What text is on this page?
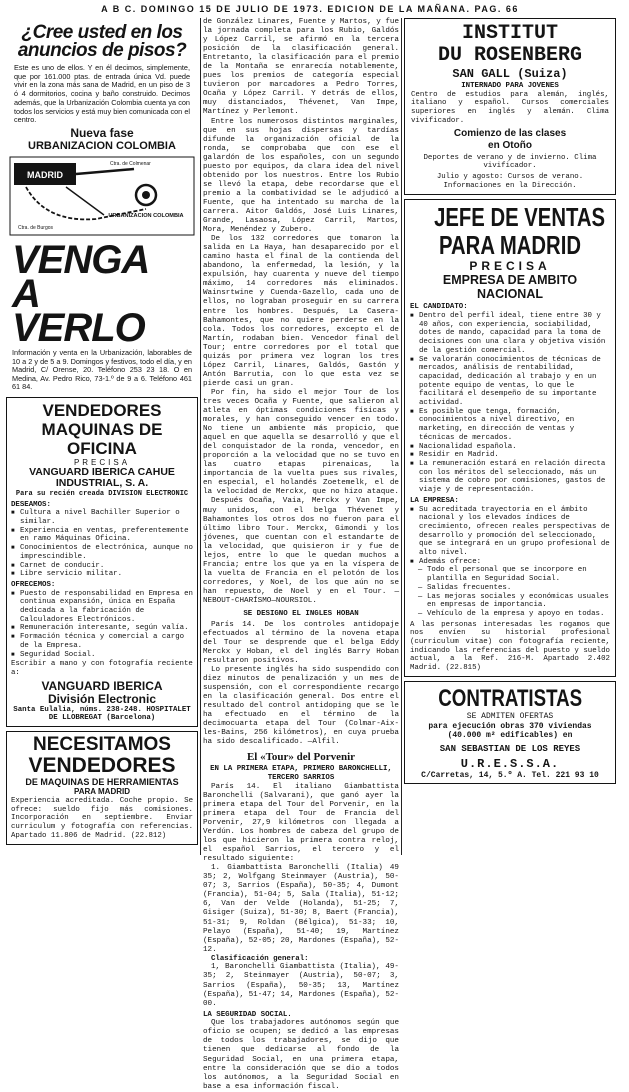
A B C. DOMINGO 15 DE JULIO DE 1973. EDICION DE LA MAÑANA. PAG. 66
¿Cree usted en los anuncios de pisos?

Este es uno de ellos. Y en él decimos, simplemente, que por 161.000 ptas. de entrada única Vd. puede vivir en la zona más sana de Madrid, en un piso de 3 ó 4 dormitorios, cocina y baño construido. Decimos además, que la Urbanización Colombia cuenta ya con todos los servicios y está muy bien comunicada con el centro.

Nueva fase
URBANIZACION COLOMBIA
MADRID
URBANIZACION COLOMBIA
Ctra. de Colmenar
Ctra. de Burgos
VENGA A VERLO

Información y venta en la Urbanización, laborables de 10 a 2 y de 5 a 9. Domingos y festivos, todo el día, y en Madrid, C/ Orense, 20. Teléfono 253 23 18. O en Medina, Av. Pedro Rico, 73-1.º de 9 a 6. Teléfono 461 61 84.

VENDEDORES MAQUINAS DE OFICINA
PRECISA
VANGUARD IBERICA CAHUE INDUSTRIAL, S. A.
Para su recién creada DIVISION ELECTRONIC
DESEAMOS:
■ Cultura a nivel Bachiller Superior o similar.
■ Experiencia en ventas, preferentemente en ramo Máquinas Oficina.
■ Conocimientos de electrónica, aunque no imprescindible.
■ Carnet de conducir.
■ Libre servicio militar.
OFRECEMOS:
■ Puesto de responsabilidad en Empresa en continua expansión, única en España dedicada a la fabricación de Calculadores Electrónicos.
■ Remuneración interesante, según valía.
■ Formación técnica y comercial a cargo de la Empresa.
■ Seguridad Social.
Escribir a mano y con fotografía reciente a:
VANGUARD IBERICA
División Electronic
Santa Eulalia, núms. 238-248. HOSPITALET DE LLOBREGAT (Barcelona)
NECESITAMOS
VENDEDORES
DE MAQUINAS DE HERRAMIENTAS
PARA MADRID

Experiencia acreditada. Coche propio. Se ofrece: sueldo fijo más comisiones. Incorporación en septiembre. Enviar curriculum y fotografía con referencias. Apartado 11.806 de Madrid. (22.812)

de González Linares, Fuente y Martos, y fue la jornada completa para los Rubio, Galdós y López Carril, se afirmó en la tercera posición de la clasificación general. Entretanto, la clasificación para el premio de la Montaña se enrarecía notablemente, pues los premios de categoría especial tuvieron por marcadores a Pedro Torres, Ocaña y López Carril. Y detrás de ellos, muy distanciados, Thévenet, Van Impe, Martínez y Perlemont.

Entre los numerosos distintos marginales, que en sus hojas dispersas y tardías difunde la organización oficial de la ronda, se comprobaba que con ese el galardón de los españoles, con un segundo puesto por equipos, da clara idea del nivel obtenido por los nuestros. Entre los Rubio se llevó la etapa, debe recordarse que el premio a la combatividad se le adjudicó a Fuente, que ha intentado su marcha de la carrera. Aitor Galdós, José Luis Linares, Grande, Lasaosa, López Carril, Martos, Mora, Menéndez y Zubero.

De los 132 corredores que tomaron la salida en La Haya, han desaparecido por el camino hasta el final de la contienda del abandono, la enfermedad, la lesión, y la expulsión, hay cuarenta y nueve del tiempo máximo, 14 corredores más eliminados. Wainsrtwine y Cuenda-Gazello, cada uno de ellos, no lograban proseguir en su carrera entre los hombres. Después, La Casera-Bahamontes, que no quiere perderse en la cola. Todos los corredores, excepto el de Martín, rodaban bien. Vencedor final del Tour; entre corredores por el total que quizás por primera vez logran los tres López Carril, Linares, Galdós, Gastón y Antón Barrutia, con lo que esta vez se pierde casi un gran.

Por fin, ha sido el mejor Tour de los tres veces Ocaña y Fuente, que salieron al atleta en óptimas condiciones físicas y morales, y han conseguido vencer en todo. No tiene un ambiente más propicio, que aquel en que aquella se desarrolló y que el del conquistador de la ronda, vencedor, en proporción a la velocidad que no se tuvo en las cuatro etapas pirenaicas, la importancia de la vuelta pues sus rivales, en especial, el holandés Zoetemelk, el de la velocidad de Merckx, que no hizo ataque.

Después Ocaña, Vaia, Merckx y Van Impe, muy unidos, con el belga Thévenet y Bahamontes los otros dos no fueron para el último libro Tour. Merckx, Gimondi y los jóvenes, que cuentan con el estandarte de la velocidad, que quisieron ir y fue de lejos, entre lo que le quedan muchos a Francia; entre los que ya en la víspera de la vuelta de Francia en el pelotón de los corredores, y Noel, de los que aún no se han repuesto, de Noel y en el Tour. —NEBOUT-CHARÍSMO—NOURSIOL.

SE DESIGNO EL INGLES HOBAN

París 14. De los controles antidopaje efectuados al término de la novena etapa del Tour se desprende que el belga Eddy Merckx y Hoban, el del inglés Barry Hoban resultaron positivos.

Lo presente inglés ha sido suspendido con diez minutos de penalización y un mes de suspensión, con el correspondiente recargo en la clasificación general. Dos entre el resultado del control antidoping que se le ha efectuado en el término de la decimocuarta etapa del Tour (Colmar-Aix-les-Bains, 256 kilómetros), en cuya prueba ha sido descalificado. —Alfil.

El «Tour» del Porvenir
EN LA PRIMERA ETAPA, PRIMERO BARONCHELLI, TERCERO SARRIOS

París 14. El italiano Giambattista Baronchelli (Salvarani), que ganó ayer la primera etapa del Tour del Porvenir, en la primera etapa del Tour de Francia del Porvenir, 27,9 kilómetros con llegada a Verdún. Los hombres de cabeza del grupo de los que hicieron la primera contra reloj, el español Sarrios, el tercero y el resultado siguiente:

1. Giambattista Baronchelli (Italia) 49 35; 2, Wolfgang Steinmayer (Austria), 50-07; 3, Sarrios (España), 50-35; 4, Dumont (Francia), 51-04; 5, Sala (Italia), 51-12; 6, Van der Velde (Holanda), 51-25; 7, Gisiger (Suiza), 51-30; 8, Baert (Francia), 51-31; 9, Roldan (Bélgica), 51-33; 10, Pelayo (España), 51-40; 19, Martínez (España), 52-05; 20, Mardones (España), 52-12.

Clasificación general:

1, Baronchelli Giambattista (Italia), 49-35; 2, Steinmayer (Austria), 50-07; 3, Sarrios (España), 50-35; 13, Martínez (España), 51-47; 14, Mardones (España), 52-00.

LA SEGURIDAD SOCIAL.

Que los trabajadores autónomos según que oficio se ocupen; se dedicó a las empresas de todos los trabajadores, se dijo que tienen que dedicarse al fondo de la Seguridad Social, en una primera etapa, entre la consideración que se dio a todos los autónomos, a la Seguridad Social en base a esa información fiscal.

INSTITUT
DU ROSENBERG
SAN GALL (Suiza)
INTERNADO PARA JOVENES

Centro de estudios para alemán, inglés, italiano y español. Cursos comerciales superiores en inglés y alemán. Clima vivificador.

Comienzo de las clases
en Otoño

Deportes de verano y de invierno. Clima vivificador.

Julio y agosto: Cursos de verano. Informaciones en la Dirección.

JEFE DE VENTAS
PARA MADRID
PRECISA
EMPRESA DE AMBITO
NACIONAL
EL CANDIDATO:
■ Dentro del perfil ideal, tiene entre 30 y 40 años, con experiencia, sociabilidad, dotes de mando, capacidad para la toma de decisiones con una clara y objetiva visión de la gestión comercial.
■ Se valorarán conocimientos de técnicas de mercados, análisis de rentabilidad, capacidad, dedicación al trabajo y en un potente equipo de ventas, lo que le facilitará el desempeño de su importante actividad.
■ Es posible que tenga, formación, conocimientos a nivel directivo, en marketing, en dirección de ventas y técnicas de mercados.
■ Nacionalidad española.
■ Residir en Madrid.
■ La remuneración estará en relación directa con los méritos del seleccionado, más un sistema de cobro por comisiones, gastos de viaje y de representación.
LA EMPRESA:
■ Su acreditada trayectoria en el ámbito nacional y los elevados índices de crecimiento, ofrecen reales perspectivas de desarrollo y promoción del seleccionado, que se integrará en un grupo profesional de alto nivel.
■ Además ofrece:
— Todo el personal que se incorpore en plantilla en Seguridad Social.
— Salidas frecuentes.
— Las mejoras sociales y económicas usuales en empresas de importancia.
— Vehículo de la empresa y apoyo en todas.

A las personas interesadas les rogamos que nos envíen su historial profesional (curriculum vitae) con fotografía reciente, indicando las referencias del puesto y sueldo actual, a la Ref. 216-M. Apartado 2.402 Madrid. (22.815)

CONTRATISTAS
SE ADMITEN OFERTAS
para ejecución obras 370 viviendas (40.000 m² edificables) en
SAN SEBASTIAN DE LOS REYES
U.R.E.S.S.A.
C/Carretas, 14, 5.º A. Tel. 221 93 10
